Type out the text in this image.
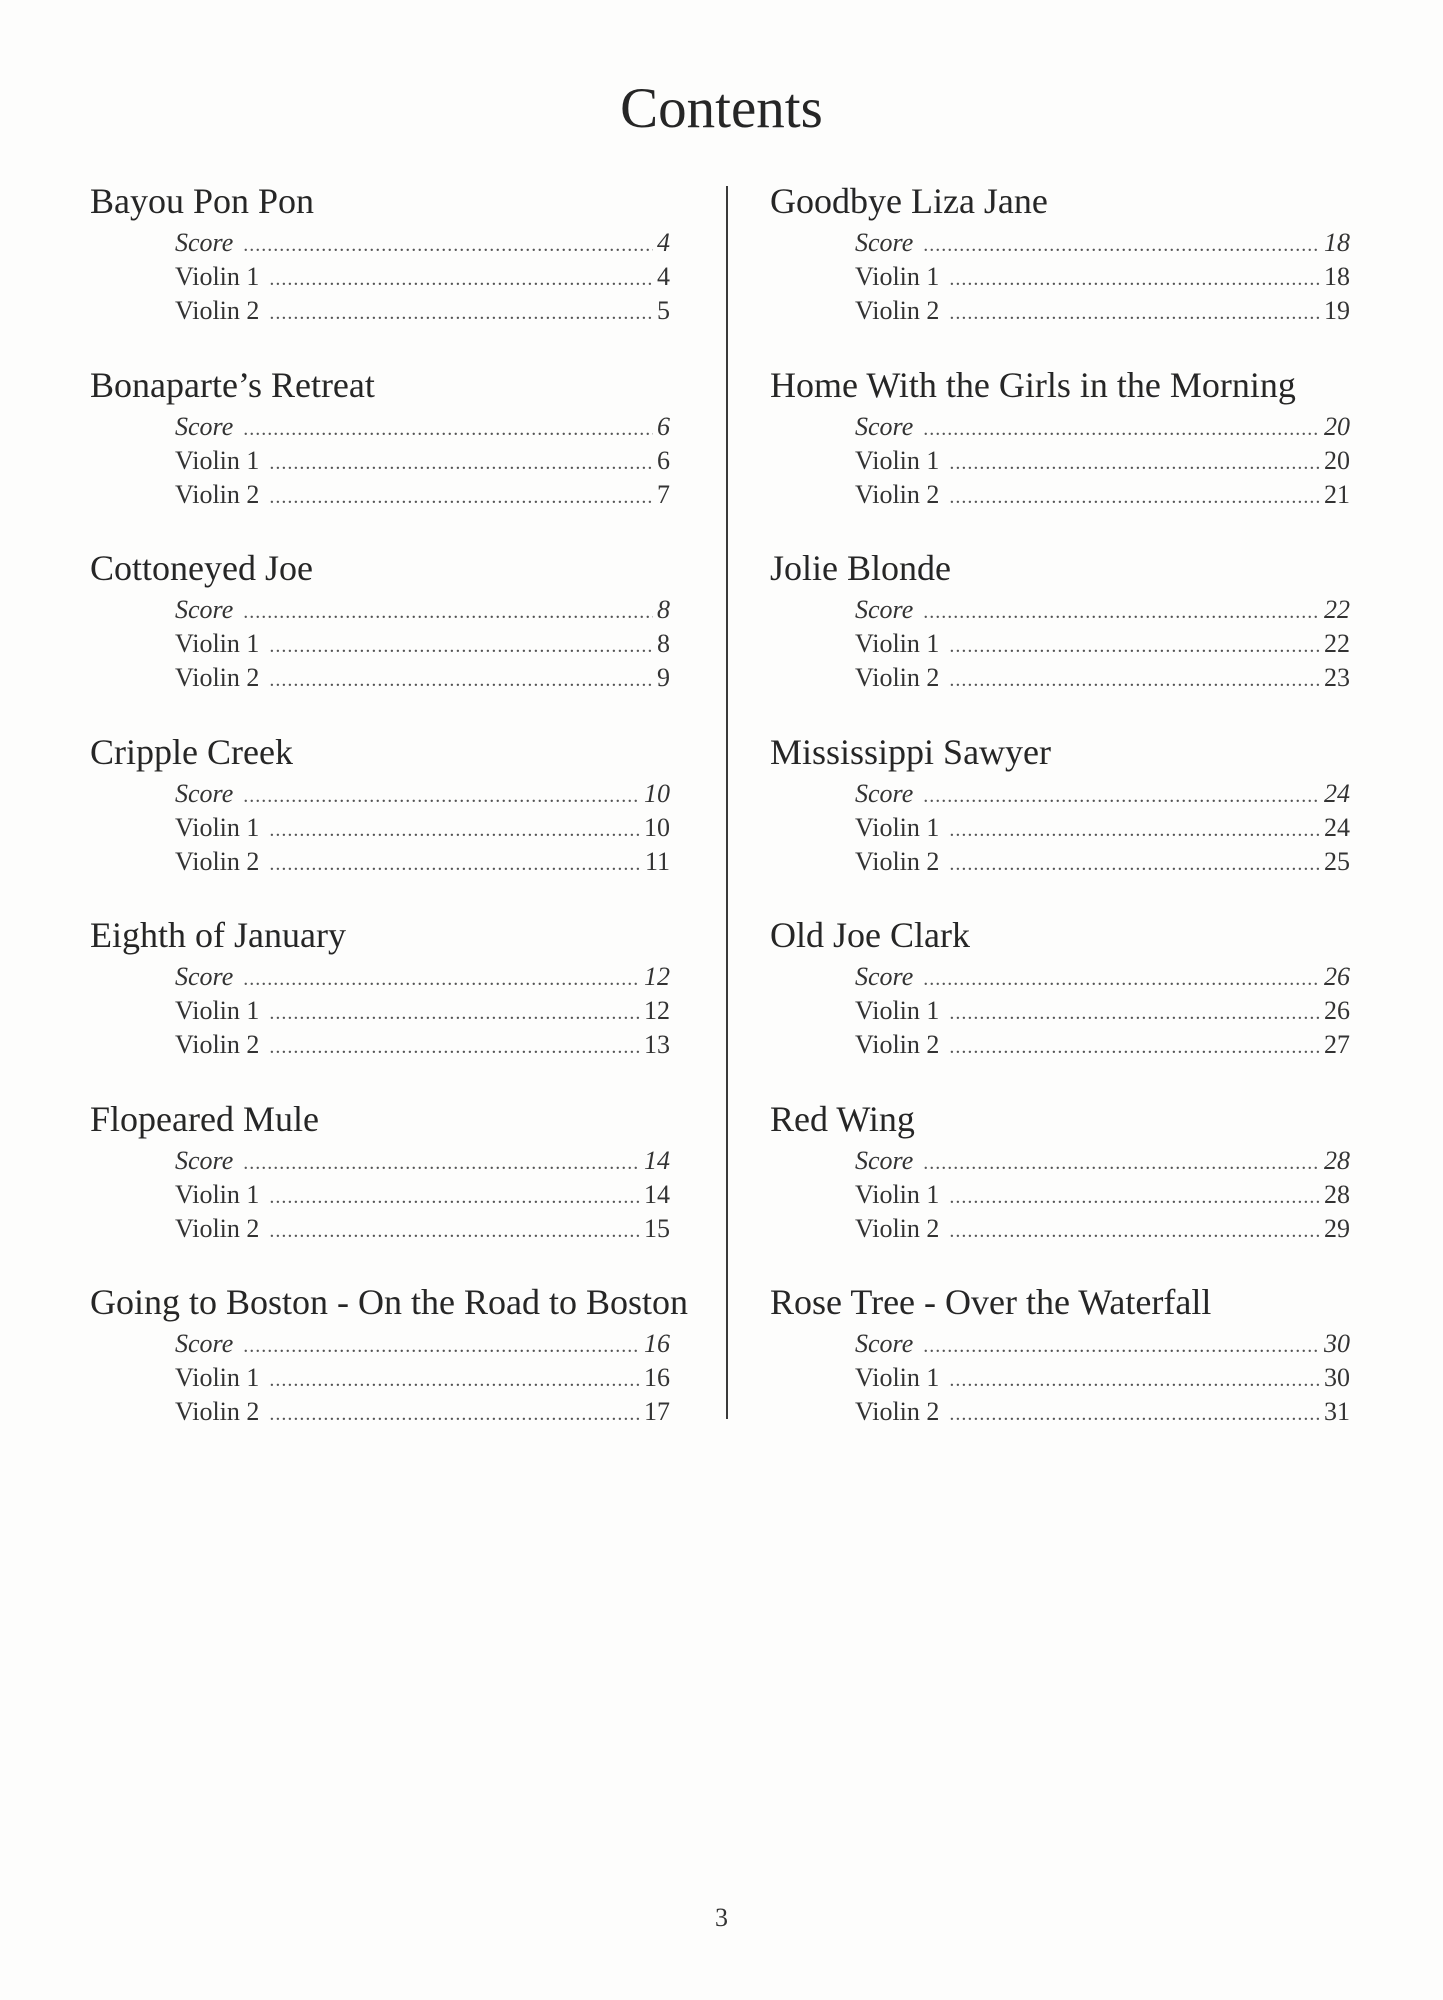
Contents
Bayou Pon Pon
Score .....	4
Violin 1 .....	4
Violin 2 .....	5
Bonaparte’s Retreat
Score .....	6
Violin 1 .....	6
Violin 2 .....	7
Cottoneyed Joe
Score .....	8
Violin 1 .....	8
Violin 2 .....	9
Cripple Creek
Score .....	10
Violin 1 .....	10
Violin 2 .....	11
Eighth of January
Score .....	12
Violin 1 .....	12
Violin 2 .....	13
Flopeared Mule
Score .....	14
Violin 1 .....	14
Violin 2 .....	15
Going to Boston - On the Road to Boston
Score .....	16
Violin 1 .....	16
Violin 2 .....	17
Goodbye Liza Jane
Score .....	18
Violin 1 .....	18
Violin 2 .....	19
Home With the Girls in the Morning
Score .....	20
Violin 1 .....	20
Violin 2 .....	21
Jolie Blonde
Score .....	22
Violin 1 .....	22
Violin 2 .....	23
Mississippi Sawyer
Score .....	24
Violin 1 .....	24
Violin 2 .....	25
Old Joe Clark
Score .....	26
Violin 1 .....	26
Violin 2 .....	27
Red Wing
Score .....	28
Violin 1 .....	28
Violin 2 .....	29
Rose Tree - Over the Waterfall
Score .....	30
Violin 1 .....	30
Violin 2 .....	31
3
